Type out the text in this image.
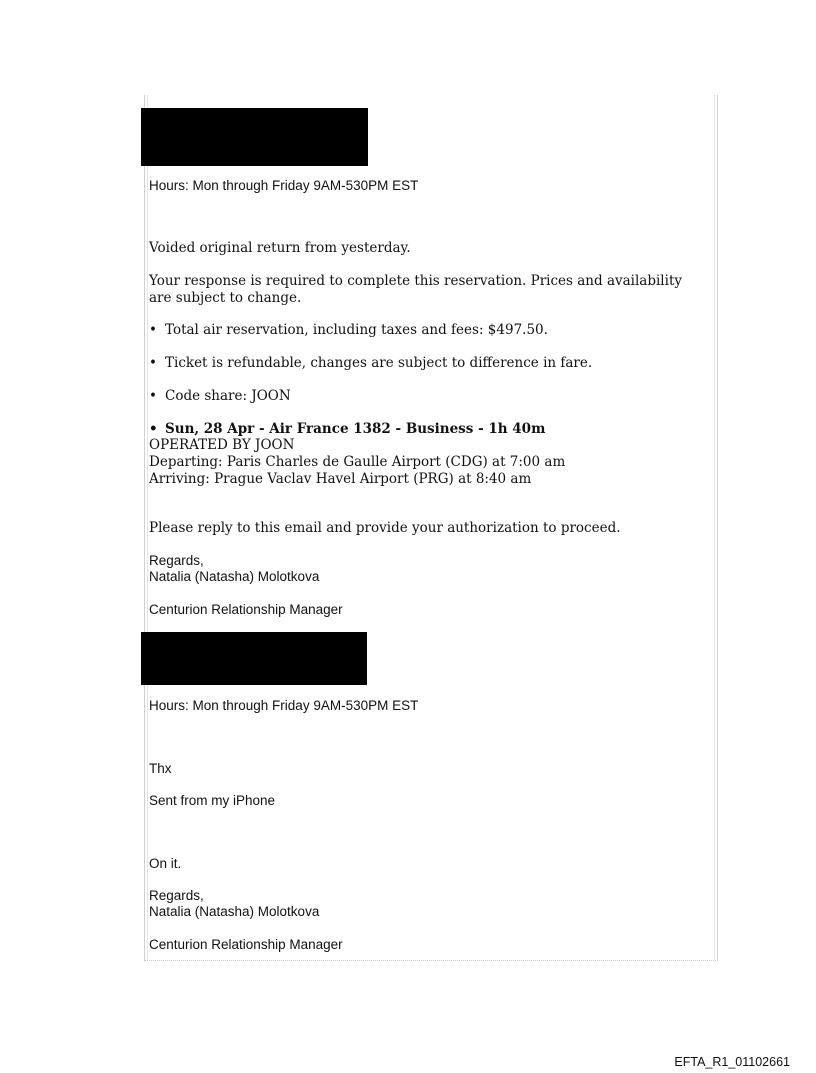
Hours: Mon through Friday 9AM-530PM EST
Voided original return from yesterday.
Your response is required to complete this reservation. Prices and availability
are subject to change.
• Total air reservation, including taxes and fees: $497.50.
• Ticket is refundable, changes are subject to difference in fare.
• Code share: JOON
• Sun, 28 Apr - Air France 1382 - Business - 1h 40m
OPERATED BY JOON
Departing: Paris Charles de Gaulle Airport (CDG) at 7:00 am
Arriving: Prague Vaclav Havel Airport (PRG) at 8:40 am
Please reply to this email and provide your authorization to proceed.
Regards,
Natalia (Natasha) Molotkova
Centurion Relationship Manager
Hours: Mon through Friday 9AM-530PM EST
Thx
Sent from my iPhone
On it.
Regards,
Natalia (Natasha) Molotkova
Centurion Relationship Manager
EFTA_R1_01102661
